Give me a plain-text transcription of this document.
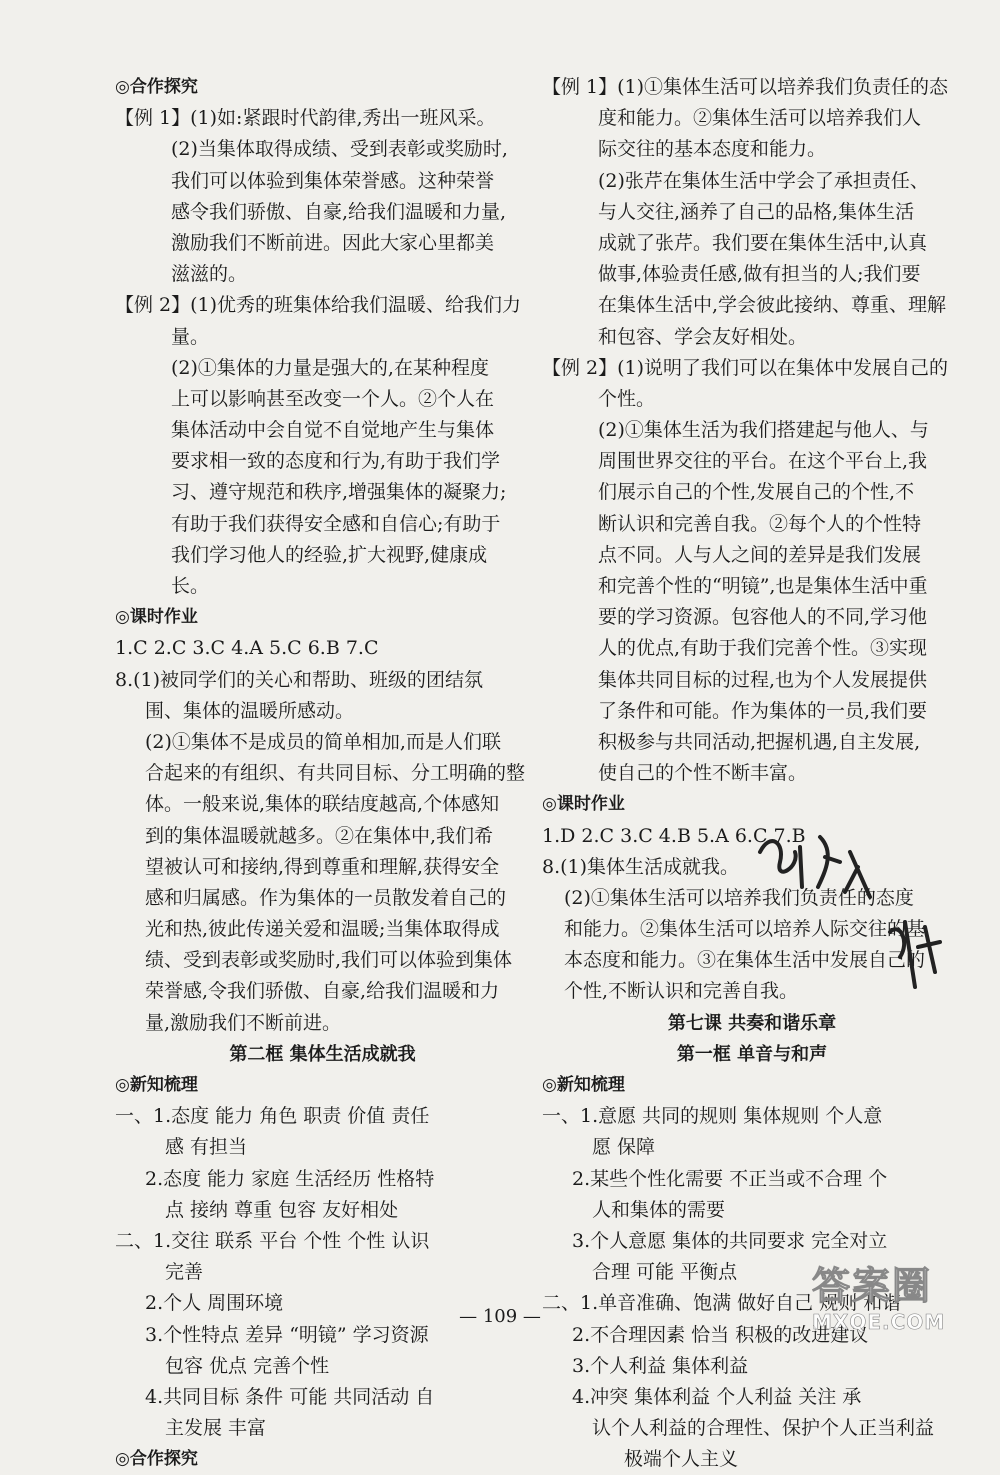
◎合作探究
【例 1】(1)如:紧跟时代韵律,秀出一班风采。
(2)当集体取得成绩、受到表彰或奖励时,
我们可以体验到集体荣誉感。这种荣誉
感令我们骄傲、自豪,给我们温暖和力量,
激励我们不断前进。因此大家心里都美
滋滋的。
【例 2】(1)优秀的班集体给我们温暖、给我们力
量。
(2)①集体的力量是强大的,在某种程度
上可以影响甚至改变一个人。②个人在
集体活动中会自觉不自觉地产生与集体
要求相一致的态度和行为,有助于我们学
习、遵守规范和秩序,增强集体的凝聚力;
有助于我们获得安全感和自信心;有助于
我们学习他人的经验,扩大视野,健康成
长。
◎课时作业
1.C 2.C 3.C 4.A 5.C 6.B 7.C
8.(1)被同学们的关心和帮助、班级的团结氛
围、集体的温暖所感动。
(2)①集体不是成员的简单相加,而是人们联
合起来的有组织、有共同目标、分工明确的整
体。一般来说,集体的联结度越高,个体感知
到的集体温暖就越多。②在集体中,我们希
望被认可和接纳,得到尊重和理解,获得安全
感和归属感。作为集体的一员散发着自己的
光和热,彼此传递关爱和温暖;当集体取得成
绩、受到表彰或奖励时,我们可以体验到集体
荣誉感,令我们骄傲、自豪,给我们温暖和力
量,激励我们不断前进。
第二框 集体生活成就我
◎新知梳理
一、1.态度 能力 角色 职责 价值 责任
感 有担当
2.态度 能力 家庭 生活经历 性格特
点 接纳 尊重 包容 友好相处
二、1.交往 联系 平台 个性 个性 认识
完善
2.个人 周围环境
3.个性特点 差异 “明镜” 学习资源
包容 优点 完善个性
4.共同目标 条件 可能 共同活动 自
主发展 丰富
◎合作探究
【例 1】(1)①集体生活可以培养我们负责任的态
度和能力。②集体生活可以培养我们人
际交往的基本态度和能力。
(2)张芹在集体生活中学会了承担责任、
与人交往,涵养了自己的品格,集体生活
成就了张芹。我们要在集体生活中,认真
做事,体验责任感,做有担当的人;我们要
在集体生活中,学会彼此接纳、尊重、理解
和包容、学会友好相处。
【例 2】(1)说明了我们可以在集体中发展自己的
个性。
(2)①集体生活为我们搭建起与他人、与
周围世界交往的平台。在这个平台上,我
们展示自己的个性,发展自己的个性,不
断认识和完善自我。②每个人的个性特
点不同。人与人之间的差异是我们发展
和完善个性的“明镜”,也是集体生活中重
要的学习资源。包容他人的不同,学习他
人的优点,有助于我们完善个性。③实现
集体共同目标的过程,也为个人发展提供
了条件和可能。作为集体的一员,我们要
积极参与共同活动,把握机遇,自主发展,
使自己的个性不断丰富。
◎课时作业
1.D 2.C 3.C 4.B 5.A 6.C 7.B
8.(1)集体生活成就我。
(2)①集体生活可以培养我们负责任的态度
和能力。②集体生活可以培养人际交往的基
本态度和能力。③在集体生活中发展自己的
个性,不断认识和完善自我。
第七课 共奏和谐乐章
第一框 单音与和声
◎新知梳理
一、1.意愿 共同的规则 集体规则 个人意
愿 保障
2.某些个性化需要 不正当或不合理 个
人和集体的需要
3.个人意愿 集体的共同要求 完全对立
合理 可能 平衡点
二、1.单音准确、饱满 做好自己 规则 和谐
2.不合理因素 恰当 积极的改进建议
3.个人利益 集体利益
4.冲突 集体利益 个人利益 关注 承
认个人利益的合理性、保护个人正当利益
极端个人主义
— 109 —
答案圈
MXQE.COM
